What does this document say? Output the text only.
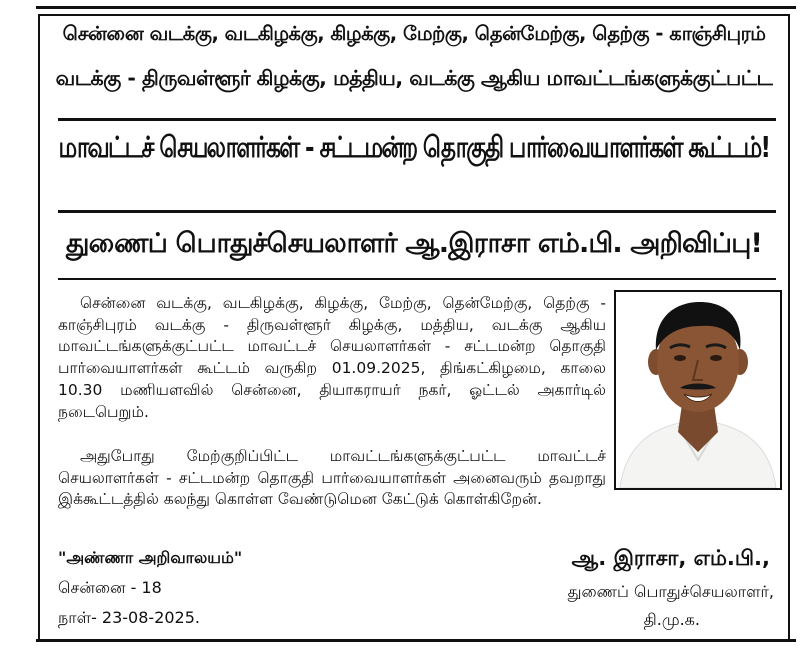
சென்னை வடக்கு, வடகிழக்கு, கிழக்கு, மேற்கு, தென்மேற்கு, தெற்கு - காஞ்சிபுரம்
வடக்கு - திருவள்ளூர் கிழக்கு, மத்திய, வடக்கு ஆகிய மாவட்டங்களுக்குட்பட்ட
மாவட்டச் செயலாளர்கள் - சட்டமன்ற தொகுதி பார்வையாளர்கள் கூட்டம்!
துணைப் பொதுச்செயலாளர் ஆ.இராசா எம்.பி. அறிவிப்பு!
சென்னை வடக்கு, வடகிழக்கு, கிழக்கு, மேற்கு, தென்மேற்கு, தெற்கு - காஞ்சிபுரம் வடக்கு - திருவள்ளூர் கிழக்கு, மத்திய, வடக்கு ஆகிய மாவட்டங்களுக்குட்பட்ட மாவட்டச் செயலாளர்கள் - சட்டமன்ற தொகுதி பார்வையாளர்கள் கூட்டம் வருகிற 01.09.2025, திங்கட்கிழமை, காலை 10.30 மணியளவில் சென்னை, தியாகராயர் நகர், ஓட்டல் அகார்டில் நடைபெறும்.
அதுபோது மேற்குறிப்பிட்ட மாவட்டங்களுக்குட்பட்ட மாவட்டச் செயலாளர்கள் - சட்டமன்ற தொகுதி பார்வையாளர்கள் அனைவரும் தவறாது இக்கூட்டத்தில் கலந்து கொள்ள வேண்டுமென கேட்டுக் கொள்கிறேன்.
"அண்ணா அறிவாலயம்"
சென்னை - 18
நாள்- 23-08-2025.
ஆ. இராசா, எம்.பி.,
துணைப் பொதுச்செயலாளர்,
தி.மு.க.
